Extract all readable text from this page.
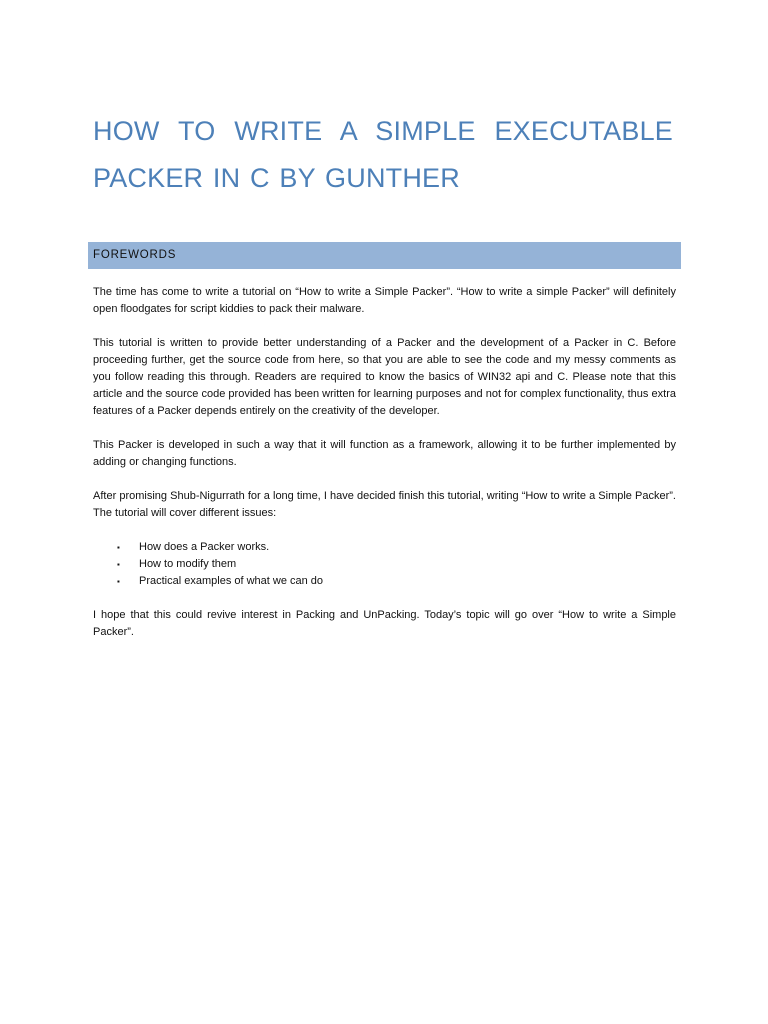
HOW TO WRITE A SIMPLE EXECUTABLE PACKER IN C BY GUNTHER
FOREWORDS

The time has come to write a tutorial on “How to write a Simple Packer”. “How to write a simple Packer” will definitely open floodgates for script kiddies to pack their malware.

This tutorial is written to provide better understanding of a Packer and the development of a Packer in C. Before proceeding further, get the source code from here, so that you are able to see the code and my messy comments as you follow reading this through. Readers are required to know the basics of WIN32 api and C. Please note that this article and the source code provided has been written for learning purposes and not for complex functionality, thus extra features of a Packer depends entirely on the creativity of the developer.

This Packer is developed in such a way that it will function as a framework, allowing it to be further implemented by adding or changing functions.

After promising Shub-Nigurrath for a long time, I have decided finish this tutorial, writing “How to write a Simple Packer”. The tutorial will cover different issues:

▪	How does a Packer works.
▪	How to modify them
▪	Practical examples of what we can do

I hope that this could revive interest in Packing and UnPacking. Today’s topic will go over “How to write a Simple Packer”.
